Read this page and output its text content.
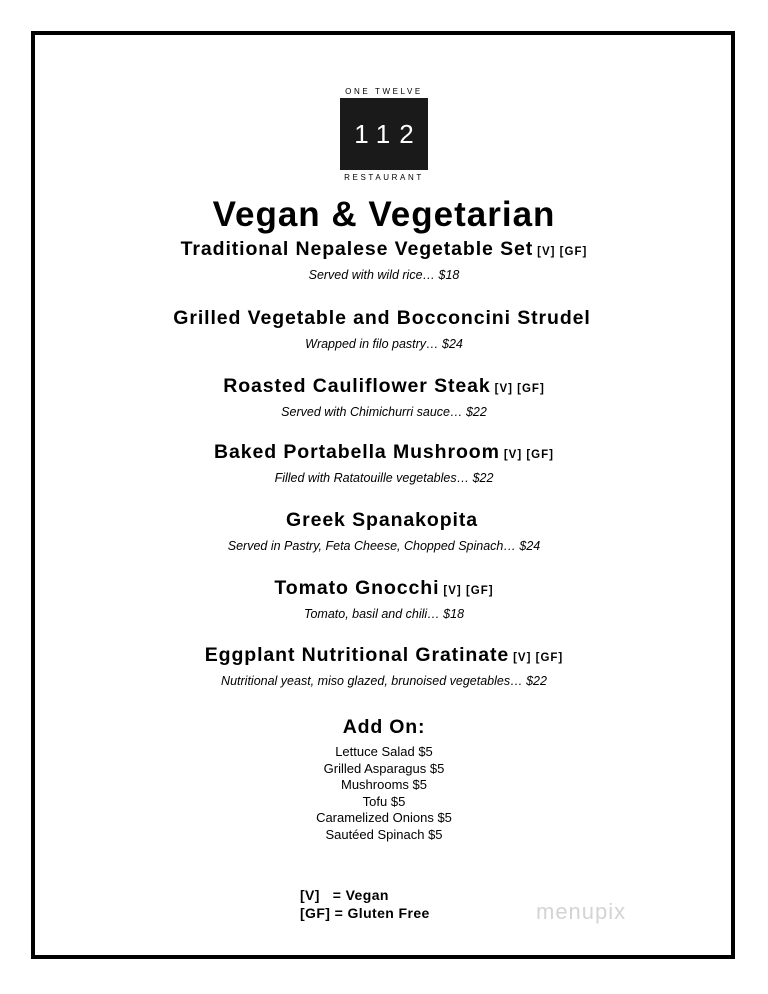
ONE TWELVE
112
RESTAURANT
Vegan & Vegetarian
Traditional Nepalese Vegetable Set [V] [GF]
Served with wild rice… $18
Grilled Vegetable and Bocconcini Strudel
Wrapped in filo pastry… $24
Roasted Cauliflower Steak [V] [GF]
Served with Chimichurri sauce… $22
Baked Portabella Mushroom [V] [GF]
Filled with Ratatouille vegetables… $22
Greek Spanakopita
Served in Pastry, Feta Cheese, Chopped Spinach… $24
Tomato Gnocchi [V] [GF]
Tomato, basil and chili… $18
Eggplant Nutritional Gratinate [V] [GF]
Nutritional yeast, miso glazed, brunoised vegetables… $22
Add On:
Lettuce Salad $5
Grilled Asparagus $5
Mushrooms $5
Tofu $5
Caramelized Onions $5
Sautéed Spinach $5
[V]   = Vegan
[GF] = Gluten Free	menupix
